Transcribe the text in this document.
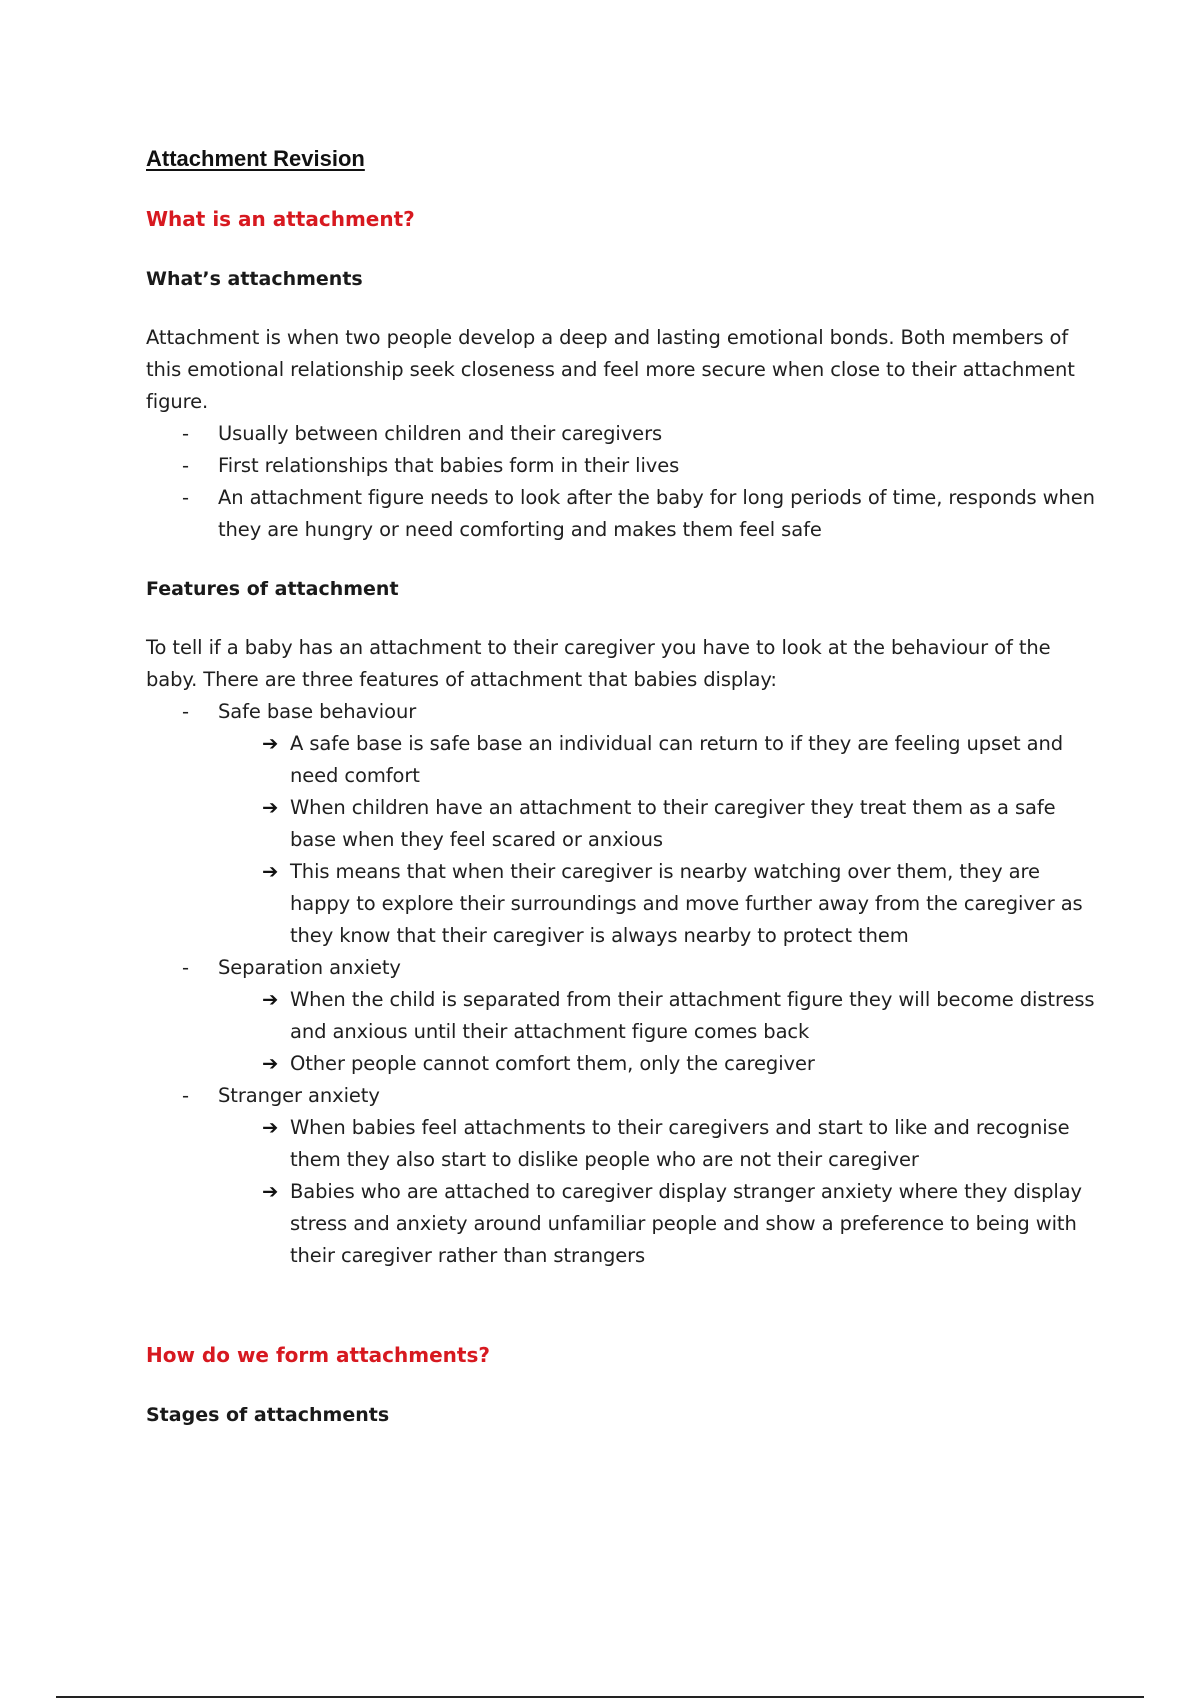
Attachment Revision
What is an attachment?
What’s attachments

Attachment is when two people develop a deep and lasting emotional bonds. Both members of this emotional relationship seek closeness and feel more secure when close to their attachment figure.

- Usually between children and their caregivers
- First relationships that babies form in their lives
- An attachment figure needs to look after the baby for long periods of time, responds when they are hungry or need comforting and makes them feel safe
Features of attachment

To tell if a baby has an attachment to their caregiver you have to look at the behaviour of the baby. There are three features of attachment that babies display:

- Safe base behaviour
➔ A safe base is safe base an individual can return to if they are feeling upset and need comfort
➔ When children have an attachment to their caregiver they treat them as a safe base when they feel scared or anxious
➔ This means that when their caregiver is nearby watching over them, they are happy to explore their surroundings and move further away from the caregiver as they know that their caregiver is always nearby to protect them
- Separation anxiety
➔ When the child is separated from their attachment figure they will become distress and anxious until their attachment figure comes back
➔ Other people cannot comfort them, only the caregiver
- Stranger anxiety
➔ When babies feel attachments to their caregivers and start to like and recognise them they also start to dislike people who are not their caregiver
➔ Babies who are attached to caregiver display stranger anxiety where they display stress and anxiety around unfamiliar people and show a preference to being with their caregiver rather than strangers
How do we form attachments?
Stages of attachments
